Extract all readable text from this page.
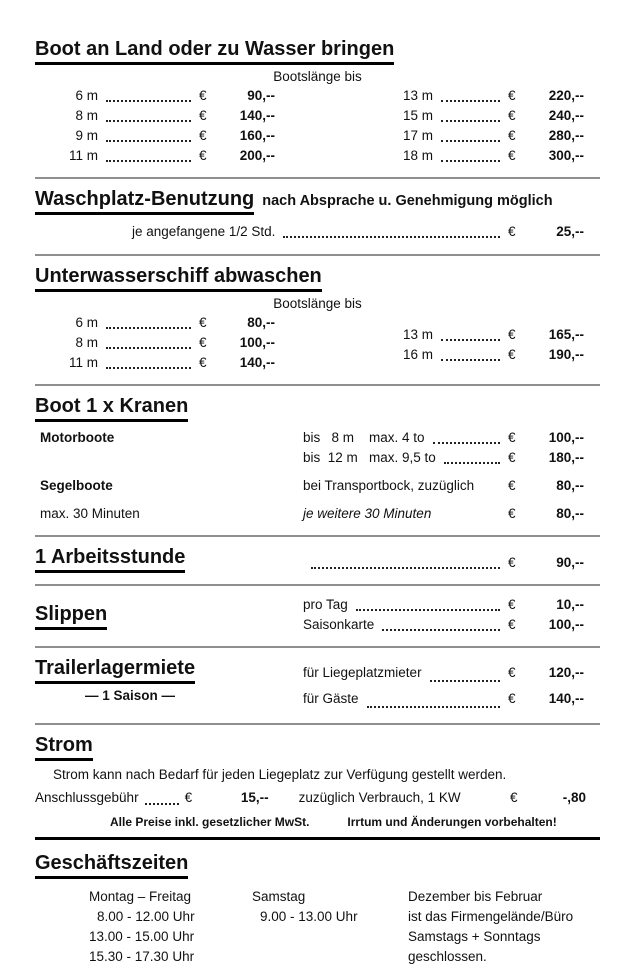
Boot an Land oder zu Wasser bringen
Bootslänge bis
6 m	€	90,--
8 m	€	140,--
9 m	€	160,--
11 m	€	200,--
13 m	€	220,--
15 m	€	240,--
17 m	€	280,--
18 m	€	300,--
Waschplatz-Benutzung nach Absprache u. Genehmigung möglich
je angefangene 1/2 Std.	€	25,--
Unterwasserschiff abwaschen
Bootslänge bis
6 m	€	80,--
8 m	€	100,--
11 m	€	140,--
13 m	€	165,--
16 m	€	190,--
Boot 1 x Kranen
Motorboote	bis   8 m    max. 4 to	€	100,--
bis  12 m   max. 9,5 to	€	180,--
Segelboote	bei Transportbock, zuzüglich	€	80,--
max. 30 Minuten	je weitere 30 Minuten	€	80,--
1 Arbeitsstunde	€	90,--
Slippen	pro Tag	€	10,--
Saisonkarte	€	100,--
Trailerlagermiete
— 1 Saison —
für Liegeplatzmieter	€	120,--
für Gäste	€	140,--
Strom
Strom kann nach Bedarf für jeden Liegeplatz zur Verfügung gestellt werden.
Anschlussgebühr	€	15,-- zuzüglich Verbrauch, 1 KW	€	-,80
Alle Preise inkl. gesetzlicher MwSt.	Irrtum und Änderungen vorbehalten!
Geschäftszeiten
Montag – Freitag
8.00 - 12.00 Uhr
13.00 - 15.00 Uhr
15.30 - 17.30 Uhr
Samstag
9.00 - 13.00 Uhr
Dezember bis Februar
ist das Firmengelände/Büro
Samstags + Sonntags
geschlossen.
